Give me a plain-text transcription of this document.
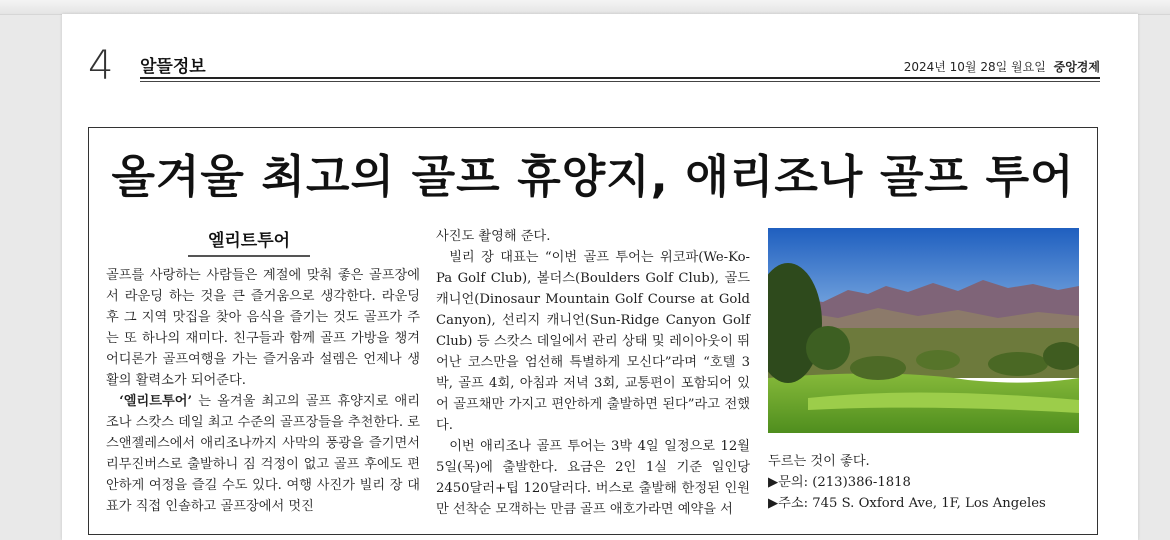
4 알뜰정보	2024년 10월 28일 월요일 중앙경제
올겨울 최고의 골프 휴양지, 애리조나 골프 투어
엘리트투어

골프를 사랑하는 사람들은 계절에 맞춰 좋은 골프장에서 라운딩 하는 것을 큰 즐거움으로 생각한다. 라운딩 후 그 지역 맛집을 찾아 음식을 즐기는 것도 골프가 주는 또 하나의 재미다. 친구들과 함께 골프 가방을 챙겨 어디론가 골프여행을 가는 즐거움과 설렘은 언제나 생활의 활력소가 되어준다.

‘엘리트투어’ 는 올겨울 최고의 골프 휴양지로 애리조나 스캇스 데일 최고 수준의 골프장들을 추천한다. 로스앤젤레스에서 애리조나까지 사막의 풍광을 즐기면서 리무진버스로 출발하니 짐 걱정이 없고 골프 후에도 편안하게 여정을 즐길 수도 있다. 여행 사진가 빌리 장 대표가 직접 인솔하고 골프장에서 멋진

사진도 촬영해 준다.

빌리 장 대표는 “이번 골프 투어는 위코파(We-Ko-Pa Golf Club), 볼더스(Boulders Golf Club), 골드 캐니언(Dinosaur Mountain Golf Course at Gold Canyon), 선리지 캐니언(Sun-Ridge Canyon Golf Club) 등 스캇스 데일에서 관리 상태 및 레이아웃이 뛰어난 코스만을 엄선해 특별하게 모신다”라며 “호텔 3박, 골프 4회, 아침과 저녁 3회, 교통편이 포함되어 있어 골프채만 가지고 편안하게 출발하면 된다”라고 전했다.

이번 애리조나 골프 투어는 3박 4일 일정으로 12월 5일(목)에 출발한다. 요금은 2인 1실 기준 일인당 2450달러+팁 120달러다. 버스로 출발해 한정된 인원만 선착순 모객하는 만큼 골프 애호가라면 예약을 서

두르는 것이 좋다.
▶문의: (213)386-1818
▶주소: 745 S. Oxford Ave, 1F, Los Angeles
